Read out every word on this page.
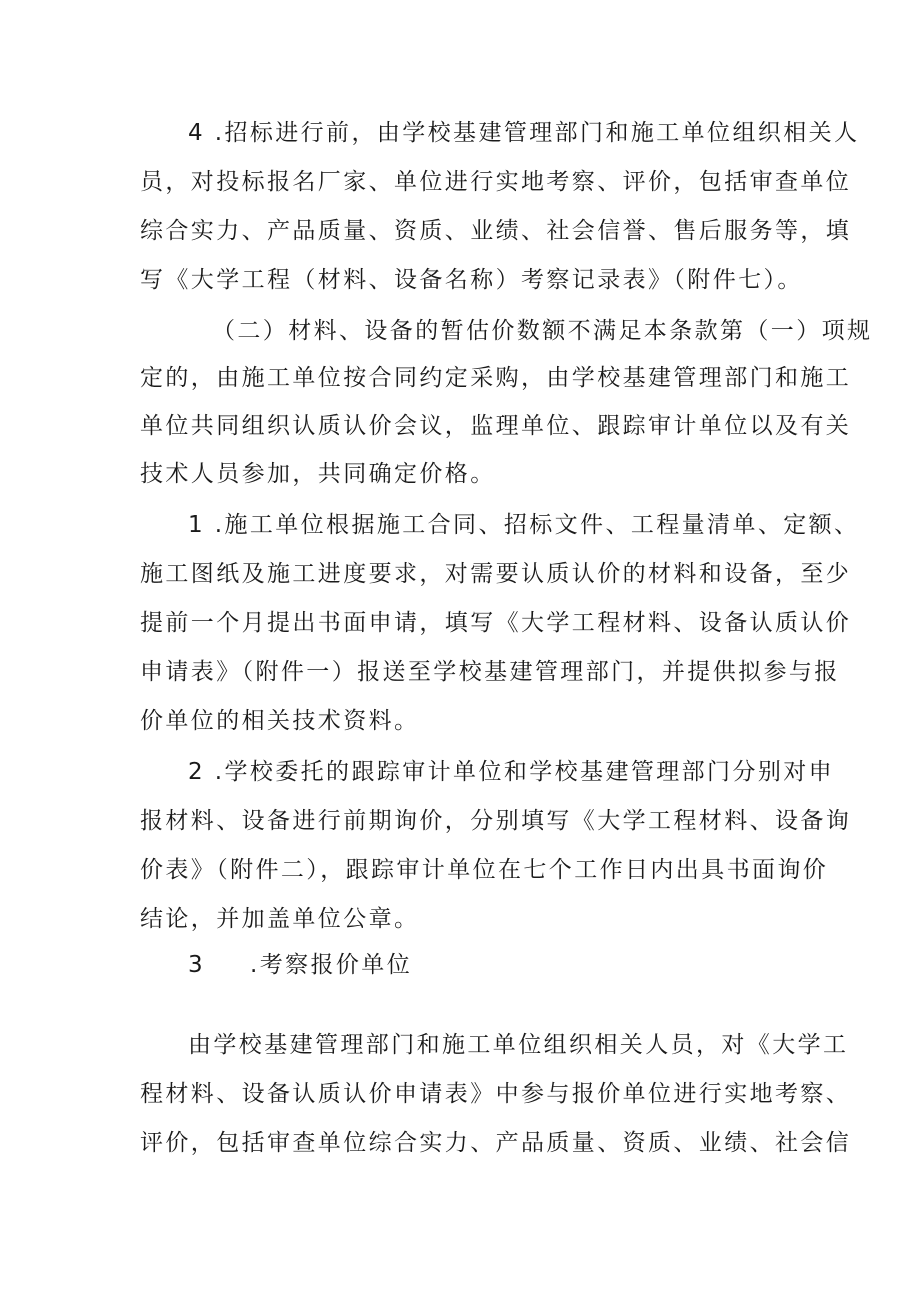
4 .招标进行前，由学校基建管理部门和施工单位组织相关人
员，对投标报名厂家、单位进行实地考察、评价，包括审查单位
综合实力、产品质量、资质、业绩、社会信誉、售后服务等，填
写《大学工程（材料、设备名称）考察记录表》（附件七）。
（二）材料、设备的暂估价数额不满足本条款第（一）项规
定的，由施工单位按合同约定采购，由学校基建管理部门和施工
单位共同组织认质认价会议，监理单位、跟踪审计单位以及有关
技术人员参加，共同确定价格。
1 .施工单位根据施工合同、招标文件、工程量清单、定额、
施工图纸及施工进度要求，对需要认质认价的材料和设备，至少
提前一个月提出书面申请，填写《大学工程材料、设备认质认价
申请表》（附件一）报送至学校基建管理部门，并提供拟参与报
价单位的相关技术资料。
2 .学校委托的跟踪审计单位和学校基建管理部门分别对申
报材料、设备进行前期询价，分别填写《大学工程材料、设备询
价表》（附件二），跟踪审计单位在七个工作日内出具书面询价
结论，并加盖单位公章。
3 .考察报价单位
由学校基建管理部门和施工单位组织相关人员，对《大学工
程材料、设备认质认价申请表》中参与报价单位进行实地考察、
评价，包括审查单位综合实力、产品质量、资质、业绩、社会信
